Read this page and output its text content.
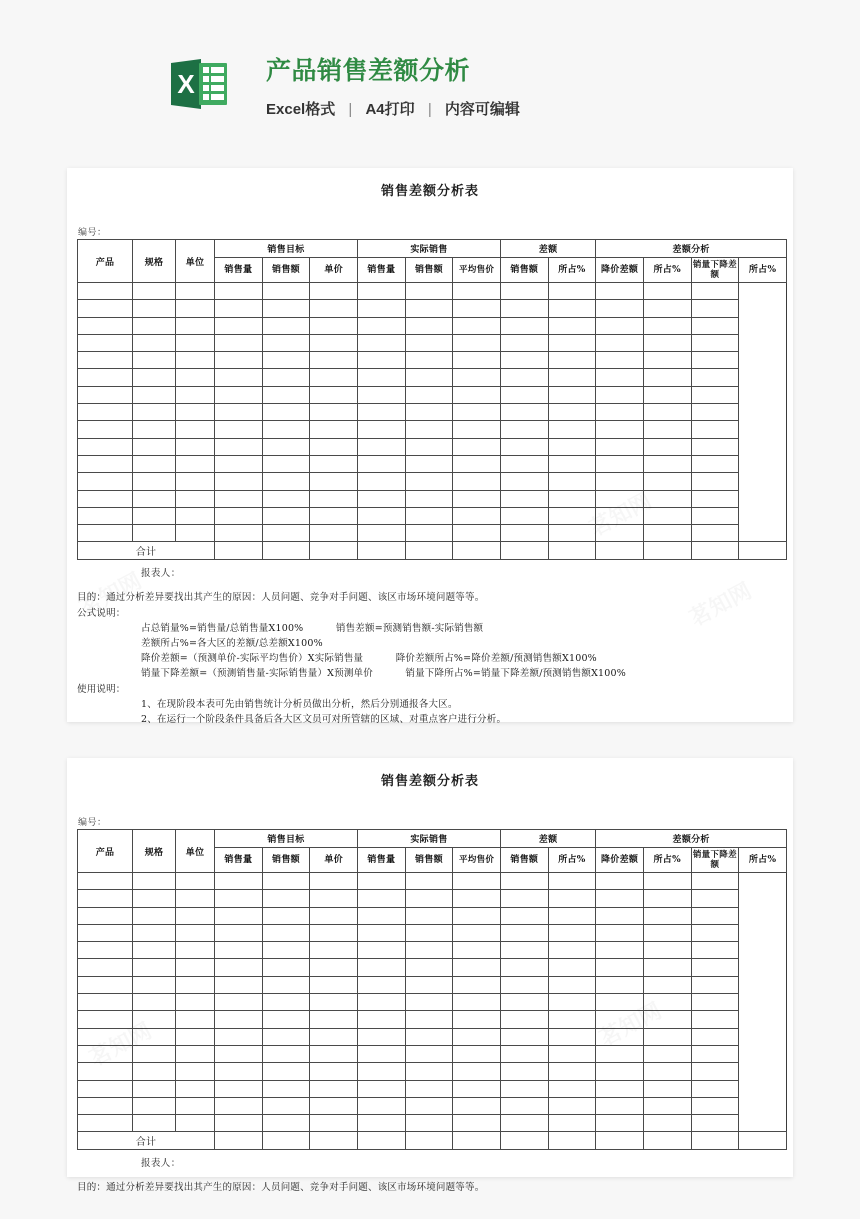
X	产品销售差额分析
Excel格式 | A4打印 | 内容可编辑
销售差额分析表
编号：
产品	规格	单位	销售目标			实际销售			差额		差额分析			
			销售量	销售额	单价	销售量	销售额	平均售价	销售额	所占%	降价差额	所占%	销量下降差额	所占%

合计														
报表人：
目的：通过分析差异要找出其产生的原因：人员问题、竞争对手问题、该区市场环境问题等等。
公式说明：
占总销量%=销售量/总销售量X100%	销售差额=预测销售额-实际销售额
差额所占%=各大区的差额/总差额X100%
降价差额=（预测单价-实际平均售价）X实际销售量	降价差额所占%=降价差额/预测销售额X100%
销量下降差额=（预测销售量-实际销售量）X预测单价	销量下降所占%=销量下降差额/预测销售额X100%
使用说明：
1、在现阶段本表可先由销售统计分析员做出分析，然后分别通报各大区。
2、在运行一个阶段条件具备后各大区文员可对所管辖的区域、对重点客户进行分析。
销售差额分析表
编号：
产品	规格	单位	销售目标			实际销售			差额		差额分析			
			销售量	销售额	单价	销售量	销售额	平均售价	销售额	所占%	降价差额	所占%	销量下降差额	所占%

合计														
报表人：
目的：通过分析差异要找出其产生的原因：人员问题、竞争对手问题、该区市场环境问题等等。
